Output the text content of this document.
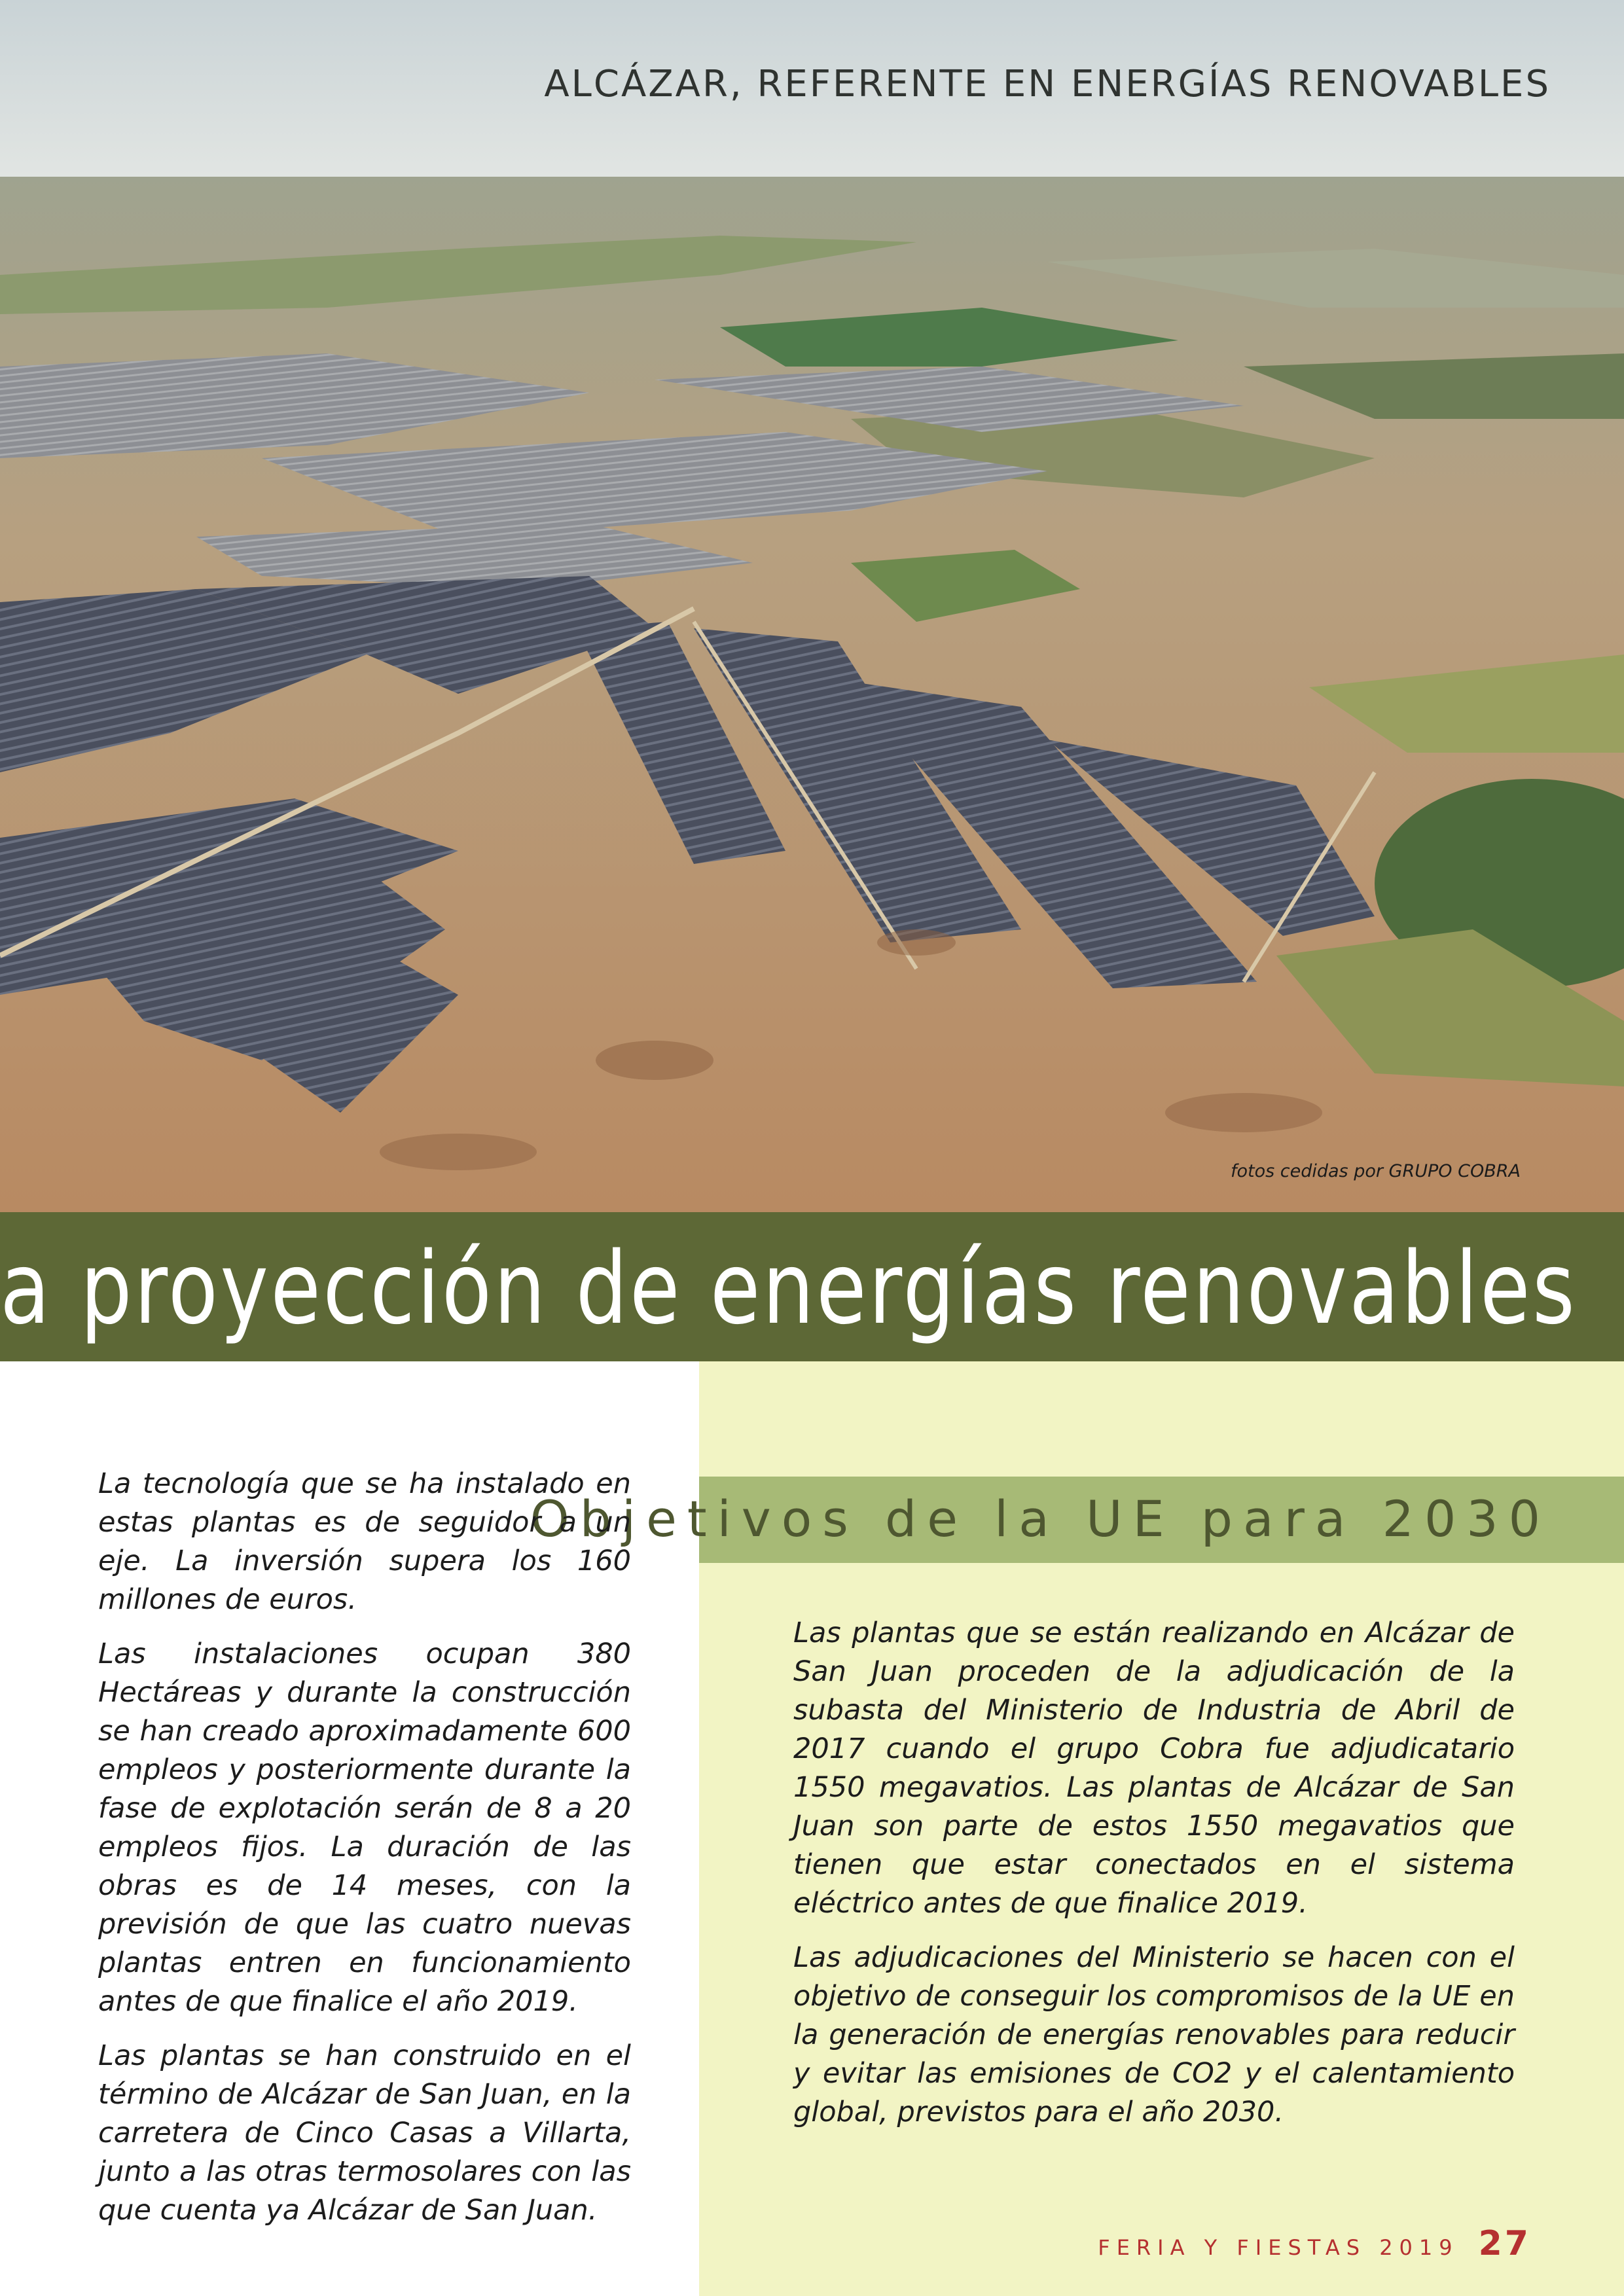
ALCÁZAR, REFERENTE EN ENERGÍAS RENOVABLES
fotos cedidas por GRUPO COBRA
a proyección de energías renovables
Objetivos de la UE para 2030

La tecnología que se ha instalado en estas plantas es de seguidor a un eje. La inversión supera los 160 millones de euros.

Las instalaciones ocupan 380 Hectáreas y durante la construcción se han creado aproximadamente 600 empleos y posteriormente durante la fase de explotación serán de 8 a 20 empleos fijos. La duración de las obras es de 14 meses, con la previsión de que las cuatro nuevas plantas entren en funcionamiento antes de que finalice el año 2019.

Las plantas se han construido en el término de Alcázar de San Juan, en la carretera de Cinco Casas a Villarta, junto a las otras termosolares con las que cuenta ya Alcázar de San Juan.

Las plantas que se están realizando en Alcázar de San Juan proceden de la adjudicación de la subasta del Ministerio de Industria de Abril de 2017 cuando el grupo Cobra fue adjudicatario 1550 megavatios. Las plantas de Alcázar de San Juan son parte de estos 1550 megavatios que tienen que estar conectados en el sistema eléctrico antes de que finalice 2019.

Las adjudicaciones del Ministerio se hacen con el objetivo de conseguir los compromisos de la UE en la generación de energías renovables para reducir y evitar las emisiones de CO2 y el calentamiento global, previstos para el año 2030.

FERIA Y FIESTAS 2019 27
